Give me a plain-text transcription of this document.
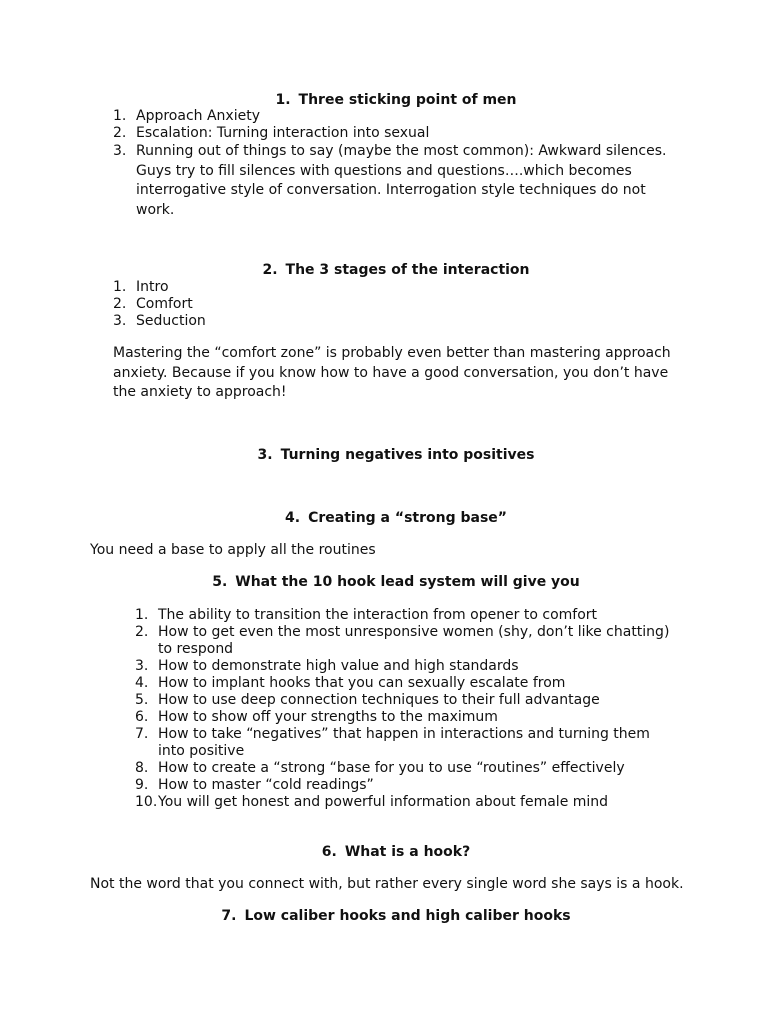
1. Three sticking point of men
1. Approach Anxiety
2. Escalation: Turning interaction into sexual
3. Running out of things to say (maybe the most common): Awkward silences. Guys try to fill silences with questions and questions….which becomes interrogative style of conversation. Interrogation style techniques do not work.
2. The 3 stages of the interaction
1. Intro
2. Comfort
3. Seduction

Mastering the “comfort zone” is probably even better than mastering approach anxiety. Because if you know how to have a good conversation, you don’t have the anxiety to approach!

3. Turning negatives into positives
4. Creating a “strong base”

You need a base to apply all the routines

5. What the 10 hook lead system will give you
1. The ability to transition the interaction from opener to comfort
2. How to get even the most unresponsive women (shy, don’t like chatting) to respond
3. How to demonstrate high value and high standards
4. How to implant hooks that you can sexually escalate from
5. How to use deep connection techniques to their full advantage
6. How to show off your strengths to the maximum
7. How to take “negatives” that happen in interactions and turning them into positive
8. How to create a “strong “base for you to use “routines” effectively
9. How to master “cold readings”
10. You will get honest and powerful information about female mind
6. What is a hook?

Not the word that you connect with, but rather every single word she says is a hook.

7. Low caliber hooks and high caliber hooks
